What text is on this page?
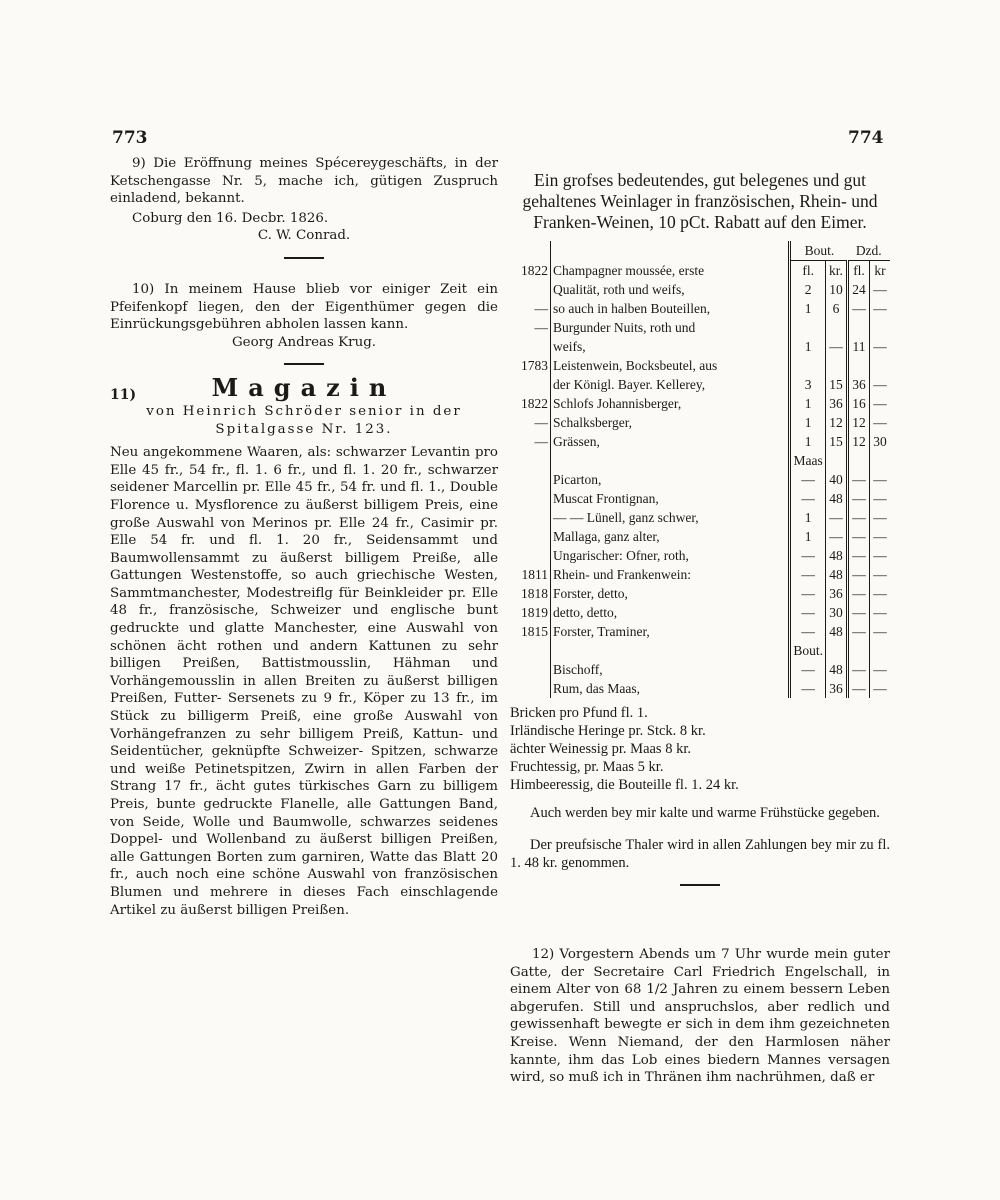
773	774

9) Die Eröffnung meines Spécereygeschäfts, in der Ketschengasse Nr. 5, mache ich, gütigen Zuspruch einladend, bekannt.

Coburg den 16. Decbr. 1826.

C. W. Conrad.

10) In meinem Hause blieb vor einiger Zeit ein Pfeifenkopf liegen, den der Eigenthümer gegen die Einrückungsgebühren abholen lassen kann.

Georg Andreas Krug.

11)	Magazin

von Heinrich Schröder senior in der

Spitalgasse Nr. 123.

Neu angekommene Waaren, als: schwarzer Levantin pro Elle 45 fr., 54 fr., fl. 1. 6 fr., und fl. 1. 20 fr., schwarzer seidener Marcellin pr. Elle 45 fr., 54 fr. und fl. 1., Double Florence u. Mysflorence zu äußerst billigem Preis, eine große Auswahl von Merinos pr. Elle 24 fr., Casimir pr. Elle 54 fr. und fl. 1. 20 fr., Seidensammt und Baumwollensammt zu äußerst billigem Preiße, alle Gattungen Westenstoffe, so auch griechische Westen, Sammtmanchester, Modestreiflg für Beinkleider pr. Elle 48 fr., französische, Schweizer und englische bunt gedruckte und glatte Manchester, eine Auswahl von schönen ächt rothen und andern Kattunen zu sehr billigen Preißen, Battistmousslin, Hähman und Vorhängemousslin in allen Breiten zu äußerst billigen Preißen, Futter- Sersenets zu 9 fr., Köper zu 13 fr., im Stück zu billigerm Preiß, eine große Auswahl von Vorhängefranzen zu sehr billigem Preiß, Kattun- und Seidentücher, geknüpfte Schweizer- Spitzen, schwarze und weiße Petinetspitzen, Zwirn in allen Farben der Strang 17 fr., ächt gutes türkisches Garn zu billigem Preis, bunte gedruckte Flanelle, alle Gattungen Band, von Seide, Wolle und Baumwolle, schwarzes seidenes Doppel- und Wollenband zu äußerst billigen Preißen, alle Gattungen Borten zum garniren, Watte das Blatt 20 fr., auch noch eine schöne Auswahl von französischen Blumen und mehrere in dieses Fach einschlagende Artikel zu äußerst billigen Preißen.

Ein grofses bedeutendes, gut belegenes und gut gehaltenes Weinlager in französischen, Rhein- und Franken-Weinen, 10 pCt. Rabatt auf den Eimer.

		Bout.		Dzd.	
1822	Champagner moussée, erste	fl.	kr.	fl.	kr
	Qualität, roth und weifs,	2	10	24	—
—	so auch in halben Bouteillen,	1	6	—	—
—	Burgunder Nuits, roth und				
	weifs,	1	—	11	—
1783	Leistenwein, Bocksbeutel, aus				
	der Königl. Bayer. Kellerey,	3	15	36	—
1822	Schlofs Johannisberger,	1	36	16	—
—	Schalksberger,	1	12	12	—
—	Grässen,	1	15	12	30
		Maas			
	Picarton,	—	40	—	—
	Muscat Frontignan,	—	48	—	—
	— — Lünell, ganz schwer,	1	—	—	—
	Mallaga, ganz alter,	1	—	—	—
	Ungarischer: Ofner, roth,	—	48	—	—
1811	Rhein- und Frankenwein:	—	48	—	—
1818	Forster, detto,	—	36	—	—
1819	detto, detto,	—	30	—	—
1815	Forster, Traminer,	—	48	—	—
		Bout.			
	Bischoff,	—	48	—	—
	Rum, das Maas,	—	36	—	—

Bricken pro Pfund fl. 1.

Irländische Heringe pr. Stck. 8 kr.

ächter Weinessig pr. Maas 8 kr.

Fruchtessig, pr. Maas 5 kr.

Himbeeressig, die Bouteille fl. 1. 24 kr.

Auch werden bey mir kalte und warme Frühstücke gegeben.

Der preufsische Thaler wird in allen Zahlungen bey mir zu fl. 1. 48 kr. genommen.

12) Vorgestern Abends um 7 Uhr wurde mein guter Gatte, der Secretaire Carl Friedrich Engelschall, in einem Alter von 68 1/2 Jahren zu einem bessern Leben abgerufen. Still und anspruchslos, aber redlich und gewissenhaft bewegte er sich in dem ihm gezeichneten Kreise. Wenn Niemand, der den Harmlosen näher kannte, ihm das Lob eines biedern Mannes versagen wird, so muß ich in Thränen ihm nachrühmen, daß er
